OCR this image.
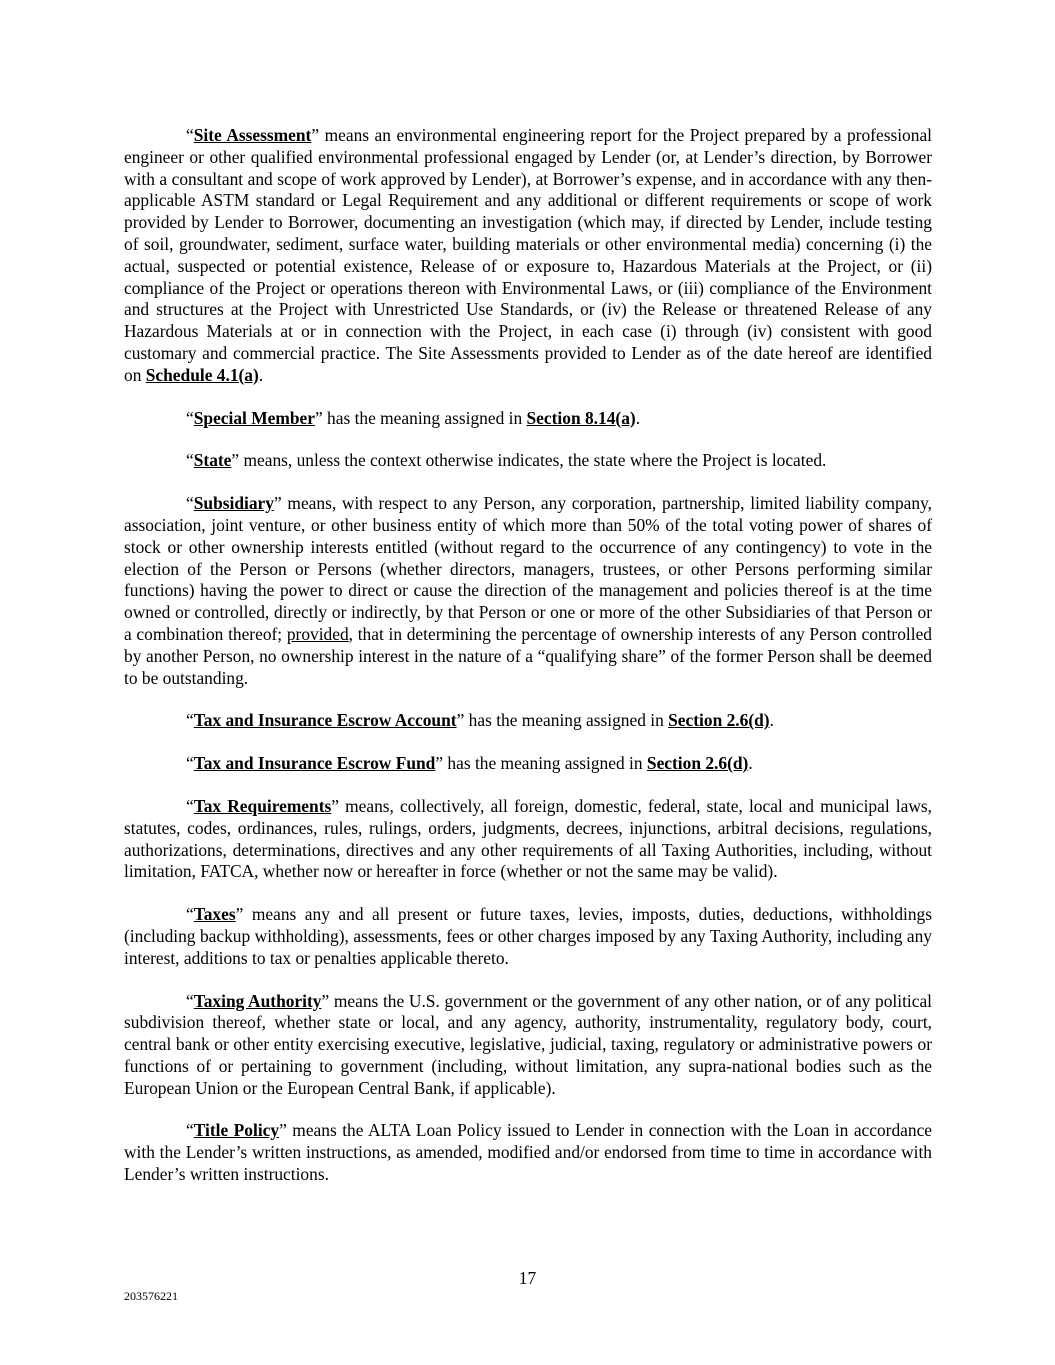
“Site Assessment” means an environmental engineering report for the Project prepared by a professional engineer or other qualified environmental professional engaged by Lender (or, at Lender’s direction, by Borrower with a consultant and scope of work approved by Lender), at Borrower’s expense, and in accordance with any then-applicable ASTM standard or Legal Requirement and any additional or different requirements or scope of work provided by Lender to Borrower, documenting an investigation (which may, if directed by Lender, include testing of soil, groundwater, sediment, surface water, building materials or other environmental media) concerning (i) the actual, suspected or potential existence, Release of or exposure to, Hazardous Materials at the Project, or (ii) compliance of the Project or operations thereon with Environmental Laws, or (iii) compliance of the Environment and structures at the Project with Unrestricted Use Standards, or (iv) the Release or threatened Release of any Hazardous Materials at or in connection with the Project, in each case (i) through (iv) consistent with good customary and commercial practice. The Site Assessments provided to Lender as of the date hereof are identified on Schedule 4.1(a).

“Special Member” has the meaning assigned in Section 8.14(a).

“State” means, unless the context otherwise indicates, the state where the Project is located.

“Subsidiary” means, with respect to any Person, any corporation, partnership, limited liability company, association, joint venture, or other business entity of which more than 50% of the total voting power of shares of stock or other ownership interests entitled (without regard to the occurrence of any contingency) to vote in the election of the Person or Persons (whether directors, managers, trustees, or other Persons performing similar functions) having the power to direct or cause the direction of the management and policies thereof is at the time owned or controlled, directly or indirectly, by that Person or one or more of the other Subsidiaries of that Person or a combination thereof; provided, that in determining the percentage of ownership interests of any Person controlled by another Person, no ownership interest in the nature of a “qualifying share” of the former Person shall be deemed to be outstanding.

“Tax and Insurance Escrow Account” has the meaning assigned in Section 2.6(d).

“Tax and Insurance Escrow Fund” has the meaning assigned in Section 2.6(d).

“Tax Requirements” means, collectively, all foreign, domestic, federal, state, local and municipal laws, statutes, codes, ordinances, rules, rulings, orders, judgments, decrees, injunctions, arbitral decisions, regulations, authorizations, determinations, directives and any other requirements of all Taxing Authorities, including, without limitation, FATCA, whether now or hereafter in force (whether or not the same may be valid).

“Taxes” means any and all present or future taxes, levies, imposts, duties, deductions, withholdings (including backup withholding), assessments, fees or other charges imposed by any Taxing Authority, including any interest, additions to tax or penalties applicable thereto.

“Taxing Authority” means the U.S. government or the government of any other nation, or of any political subdivision thereof, whether state or local, and any agency, authority, instrumentality, regulatory body, court, central bank or other entity exercising executive, legislative, judicial, taxing, regulatory or administrative powers or functions of or pertaining to government (including, without limitation, any supra-national bodies such as the European Union or the European Central Bank, if applicable).

“Title Policy” means the ALTA Loan Policy issued to Lender in connection with the Loan in accordance with the Lender’s written instructions, as amended, modified and/or endorsed from time to time in accordance with Lender’s written instructions.

17
203576221
